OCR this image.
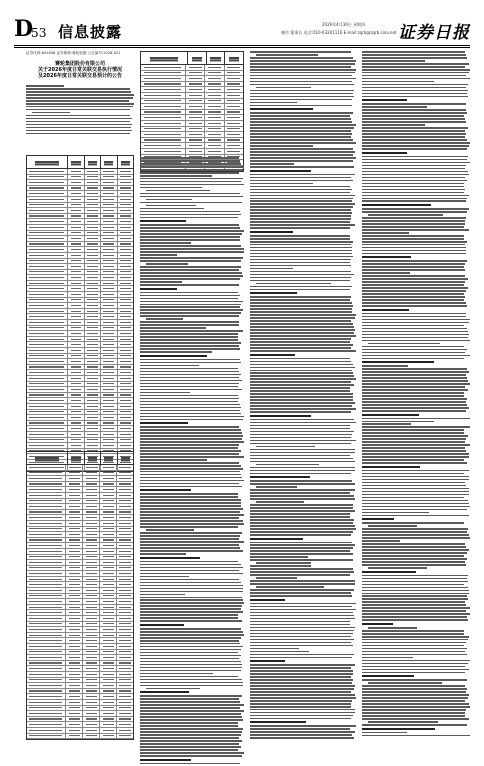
D
53 信息披露	2026年4月30日 星期四
制作:董事长 电话:010-63201116 E-mail:zqrb@zqrb.sina.net 证券日报
证券代码:601058 证券简称:赛轮轮胎 公告编号:2026-021
赛轮集团股份有限公司
关于2026年度日常关联交易执行情况
及2026年度日常关联交易预计的公告
